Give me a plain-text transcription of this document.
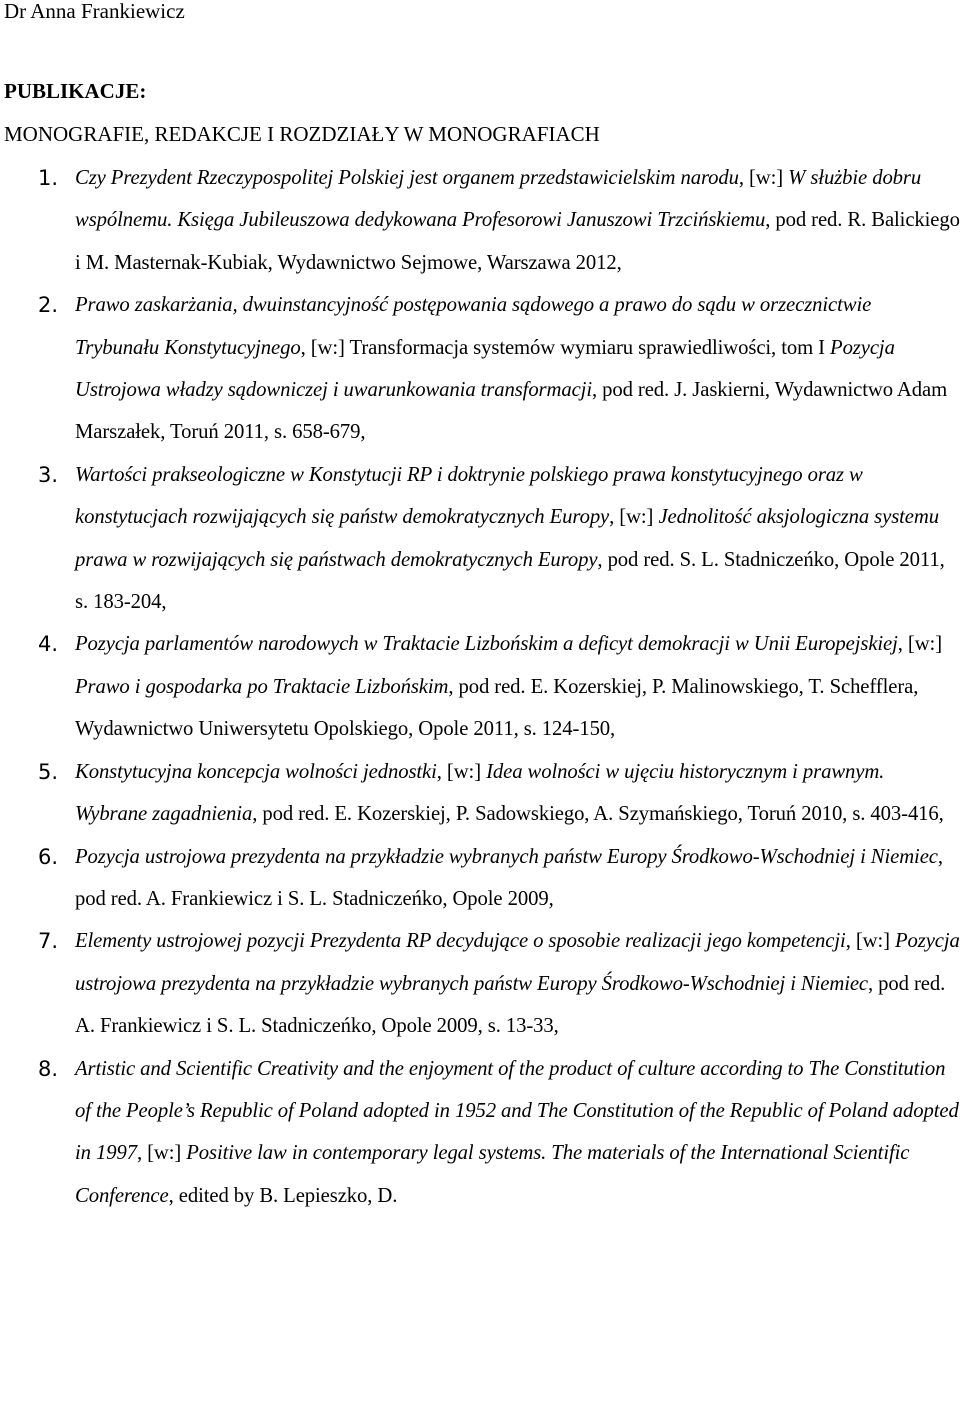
Dr Anna Frankiewicz
PUBLIKACJE:
MONOGRAFIE, REDAKCJE I ROZDZIAŁY W MONOGRAFIACH
1. Czy Prezydent Rzeczypospolitej Polskiej jest organem przedstawicielskim narodu, [w:] W służbie dobru wspólnemu. Księga Jubileuszowa dedykowana Profesorowi Januszowi Trzcińskiemu, pod red. R. Balickiego i M. Masternak-Kubiak, Wydawnictwo Sejmowe, Warszawa 2012,
2. Prawo zaskarżania, dwuinstancyjność postępowania sądowego a prawo do sądu w orzecznictwie Trybunału Konstytucyjnego, [w:] Transformacja systemów wymiaru sprawiedliwości, tom I Pozycja Ustrojowa władzy sądowniczej i uwarunkowania transformacji, pod red. J. Jaskierni, Wydawnictwo Adam Marszałek, Toruń 2011, s. 658-679,
3. Wartości prakseologiczne w Konstytucji RP i doktrynie polskiego prawa konstytucyjnego oraz w konstytucjach rozwijających się państw demokratycznych Europy, [w:] Jednolitość aksjologiczna systemu prawa w rozwijających się państwach demokratycznych Europy, pod red. S. L. Stadniczeńko, Opole 2011, s. 183-204,
4. Pozycja parlamentów narodowych w Traktacie Lizbońskim a deficyt demokracji w Unii Europejskiej, [w:] Prawo i gospodarka po Traktacie Lizbońskim, pod red. E. Kozerskiej, P. Malinowskiego, T. Schefflera, Wydawnictwo Uniwersytetu Opolskiego, Opole 2011, s. 124-150,
5. Konstytucyjna koncepcja wolności jednostki, [w:] Idea wolności w ujęciu historycznym i prawnym. Wybrane zagadnienia, pod red. E. Kozerskiej, P. Sadowskiego, A. Szymańskiego, Toruń 2010, s. 403-416,
6. Pozycja ustrojowa prezydenta na przykładzie wybranych państw Europy Środkowo-Wschodniej i Niemiec, pod red. A. Frankiewicz i S. L. Stadniczeńko, Opole 2009,
7. Elementy ustrojowej pozycji Prezydenta RP decydujące o sposobie realizacji jego kompetencji, [w:] Pozycja ustrojowa prezydenta na przykładzie wybranych państw Europy Środkowo-Wschodniej i Niemiec, pod red. A. Frankiewicz i S. L. Stadniczeńko, Opole 2009, s. 13-33,
8. Artistic and Scientific Creativity and the enjoyment of the product of culture according to The Constitution of the People’s Republic of Poland adopted in 1952 and The Constitution of the Republic of Poland adopted in 1997, [w:] Positive law in contemporary legal systems. The materials of the International Scientific Conference, edited by B. Lepieszko, D.
